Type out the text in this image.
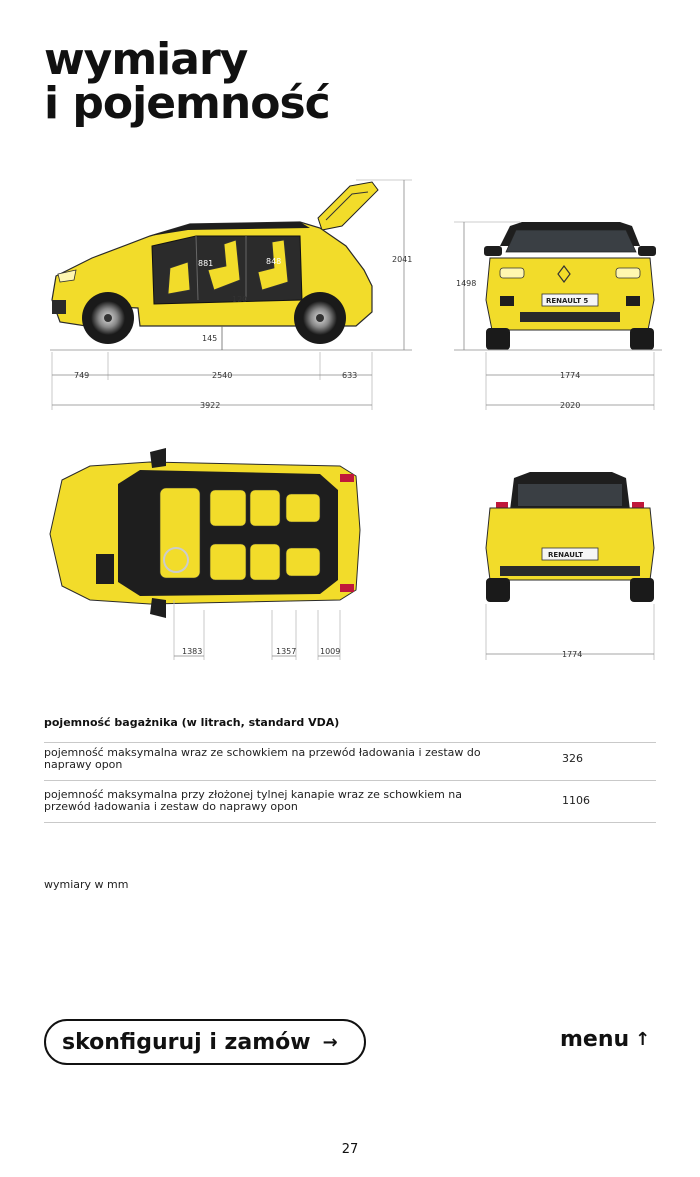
wymiary
i pojemność
881	848
120
145
2041
749	2540	633
3922
RENAULT 5
1498
1774
2020
1383	1357	1009
RENAULT
1774
pojemność bagażnika (w litrach, standard VDA)
pojemność maksymalna wraz ze schowkiem na przewód ładowania i zestaw do naprawy opon	326
pojemność maksymalna przy złożonej tylnej kanapie wraz ze schowkiem na przewód ładowania i zestaw do naprawy opon	1106
wymiary w mm
skonfiguruj i zamów →	menu ↑
27
